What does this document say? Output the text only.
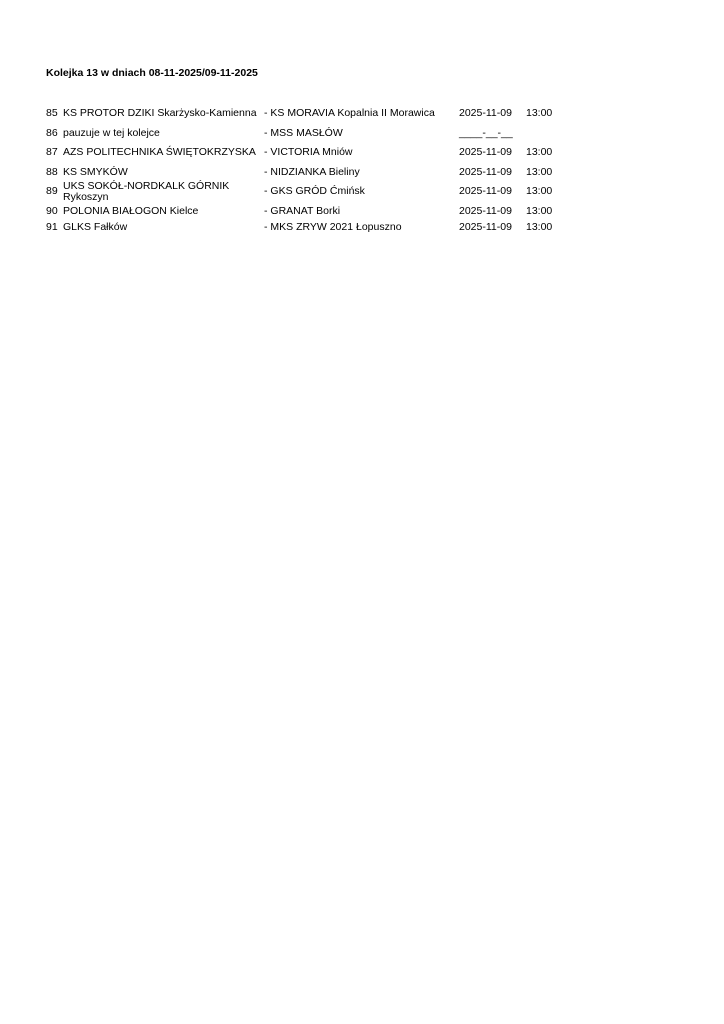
Kolejka 13 w dniach 08-11-2025/09-11-2025
85 KS PROTOR DZIKI Skarżysko-Kamienna - KS MORAVIA Kopalnia II Morawica	2025-11-09	13:00
86 pauzuje w tej kolejce	- MSS MASŁÓW	____-__-__
87 AZS POLITECHNIKA ŚWIĘTOKRZYSKA - VICTORIA Mniów	2025-11-09	13:00
88 KS SMYKÓW	- NIDZIANKA Bieliny	2025-11-09	13:00
89 UKS SOKÓŁ-NORDKALK GÓRNIK Rykoszyn	- GKS GRÓD Ćmińsk	2025-11-09	13:00
90 POLONIA BIAŁOGON Kielce	- GRANAT Borki	2025-11-09	13:00
91 GLKS Fałków	- MKS ZRYW 2021 Łopuszno	2025-11-09	13:00
